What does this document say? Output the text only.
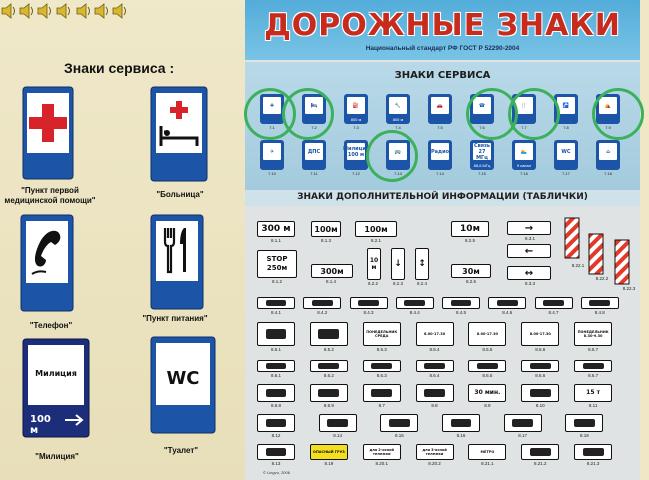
Знаки сервиса :
"Пункт первой
медицинской помощи"
"Больница"
"Телефон"
"Пункт питания"
Милиция
100 м
"Милиция"
WC
"Туалет"
ДОРОЖНЫЕ ЗНАКИ
Национальный стандарт РФ ГОСТ Р 52290-2004
ЗНАКИ СЕРВИСА
✚
7.1
🛏
7.2
⛽
7.3
🔧
7.4
🚗
7.5
☎
7.6
🍴
7.7
🚰
7.8
⛺
7.9
✈
7.10
ДПС
7.11
Милиция 100 м
7.12
🚌
7.13
Радио
7.14
Связь 27 МГц
7.15
🏊
7.16
WC
7.17
⌂
7.18
800 м	800 м
88,6 МГц	9 канал
ЗНАКИ ДОПОЛНИТЕЛЬНОЙ ИНФОРМАЦИИ (ТАБЛИЧКИ)
300 м
8.1.1
100м
8.1.3
100м
8.2.1
10м
8.2.5
→
8.3.1
STOP 250м
8.1.2
300м
8.1.4
10 м
8.2.2
↓
8.2.3
↕
8.2.4
30м
8.2.6
↔
8.3.3
←
8.22.1
8.22.2
8.22.3
8.4.1	8.4.2	8.4.3	8.4.4	8.4.5	8.4.6	8.4.7	8.4.8
8.5.1	8.5.2
ПОНЕДЕЛЬНИК СРЕДА
8.5.3
8.00-17.30
8.5.4
8.00-17.30
8.5.5
8.00-17.30
8.5.6
ПОНЕДЕЛЬНИК 8.30-9.30
8.5.7
8.6.1	8.6.2	8.6.3	8.6.4	8.6.5	8.6.6	8.6.7
8.6.8	8.6.9	8.7	8.8
30 мин.
8.9	8.10
15 т
8.11
8.12	8.14	8.15	8.16	8.17	8.18
8.13
ОПАСНЫЙ ГРУЗ
8.19
для 2-осной тележки
8.20.1
для 3-осной тележки
8.20.2
МЕТРО
8.21.1	8.21.2	8.21.3
© Lingvo, 2006
